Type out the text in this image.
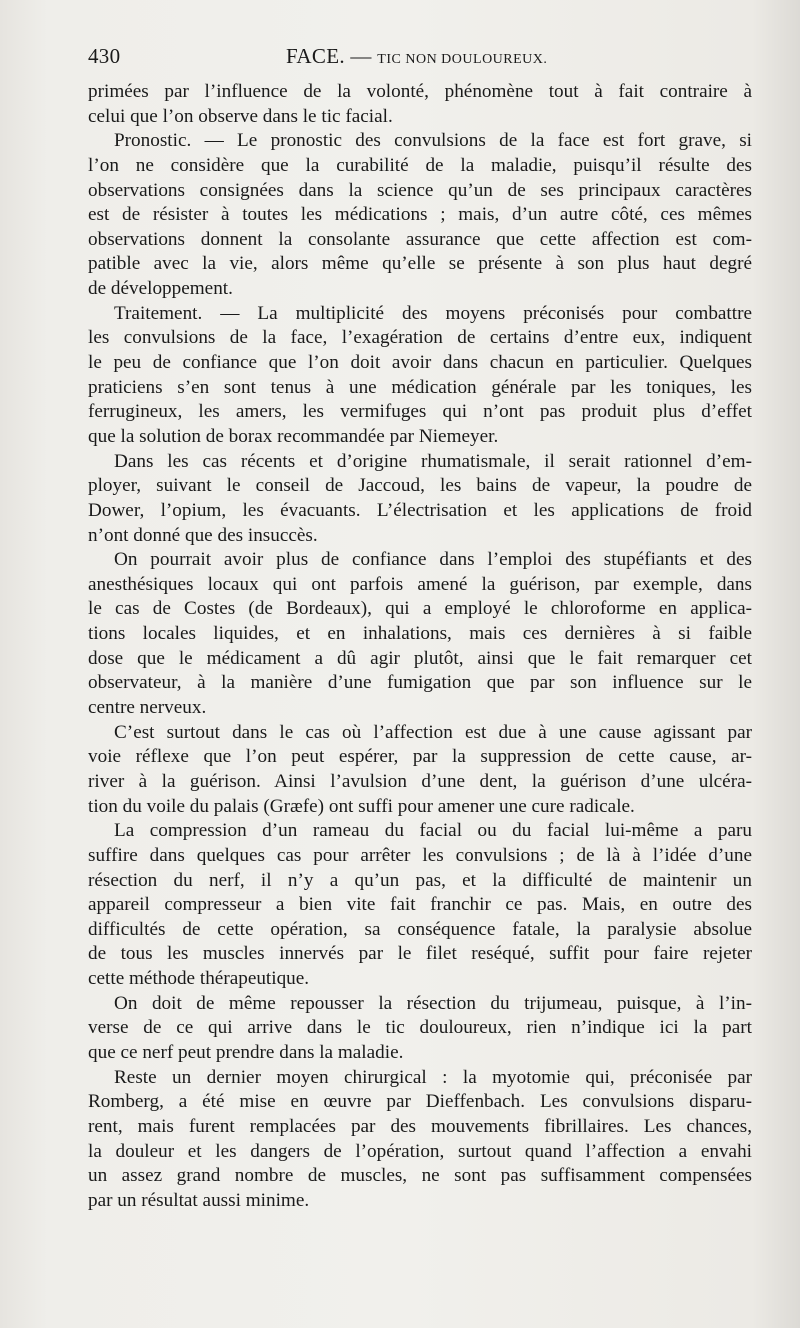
430	FACE. — TIC NON DOULOUREUX.
primées par l’influence de la volonté, phénomène tout à fait contraire à
celui que l’on observe dans le tic facial.
Pronostic. — Le pronostic des convulsions de la face est fort grave, si
l’on ne considère que la curabilité de la maladie, puisqu’il résulte des
observations consignées dans la science qu’un de ses principaux caractères
est de résister à toutes les médications ; mais, d’un autre côté, ces mêmes
observations donnent la consolante assurance que cette affection est com-
patible avec la vie, alors même qu’elle se présente à son plus haut degré
de développement.
Traitement. — La multiplicité des moyens préconisés pour combattre
les convulsions de la face, l’exagération de certains d’entre eux, indiquent
le peu de confiance que l’on doit avoir dans chacun en particulier. Quelques
praticiens s’en sont tenus à une médication générale par les toniques, les
ferrugineux, les amers, les vermifuges qui n’ont pas produit plus d’effet
que la solution de borax recommandée par Niemeyer.
Dans les cas récents et d’origine rhumatismale, il serait rationnel d’em-
ployer, suivant le conseil de Jaccoud, les bains de vapeur, la poudre de
Dower, l’opium, les évacuants. L’électrisation et les applications de froid
n’ont donné que des insuccès.
On pourrait avoir plus de confiance dans l’emploi des stupéfiants et des
anesthésiques locaux qui ont parfois amené la guérison, par exemple, dans
le cas de Costes (de Bordeaux), qui a employé le chloroforme en applica-
tions locales liquides, et en inhalations, mais ces dernières à si faible
dose que le médicament a dû agir plutôt, ainsi que le fait remarquer cet
observateur, à la manière d’une fumigation que par son influence sur le
centre nerveux.
C’est surtout dans le cas où l’affection est due à une cause agissant par
voie réflexe que l’on peut espérer, par la suppression de cette cause, ar-
river à la guérison. Ainsi l’avulsion d’une dent, la guérison d’une ulcéra-
tion du voile du palais (Græfe) ont suffi pour amener une cure radicale.
La compression d’un rameau du facial ou du facial lui-même a paru
suffire dans quelques cas pour arrêter les convulsions ; de là à l’idée d’une
résection du nerf, il n’y a qu’un pas, et la difficulté de maintenir un
appareil compresseur a bien vite fait franchir ce pas. Mais, en outre des
difficultés de cette opération, sa conséquence fatale, la paralysie absolue
de tous les muscles innervés par le filet reséqué, suffit pour faire rejeter
cette méthode thérapeutique.
On doit de même repousser la résection du trijumeau, puisque, à l’in-
verse de ce qui arrive dans le tic douloureux, rien n’indique ici la part
que ce nerf peut prendre dans la maladie.
Reste un dernier moyen chirurgical : la myotomie qui, préconisée par
Romberg, a été mise en œuvre par Dieffenbach. Les convulsions disparu-
rent, mais furent remplacées par des mouvements fibrillaires. Les chances,
la douleur et les dangers de l’opération, surtout quand l’affection a envahi
un assez grand nombre de muscles, ne sont pas suffisamment compensées
par un résultat aussi minime.
